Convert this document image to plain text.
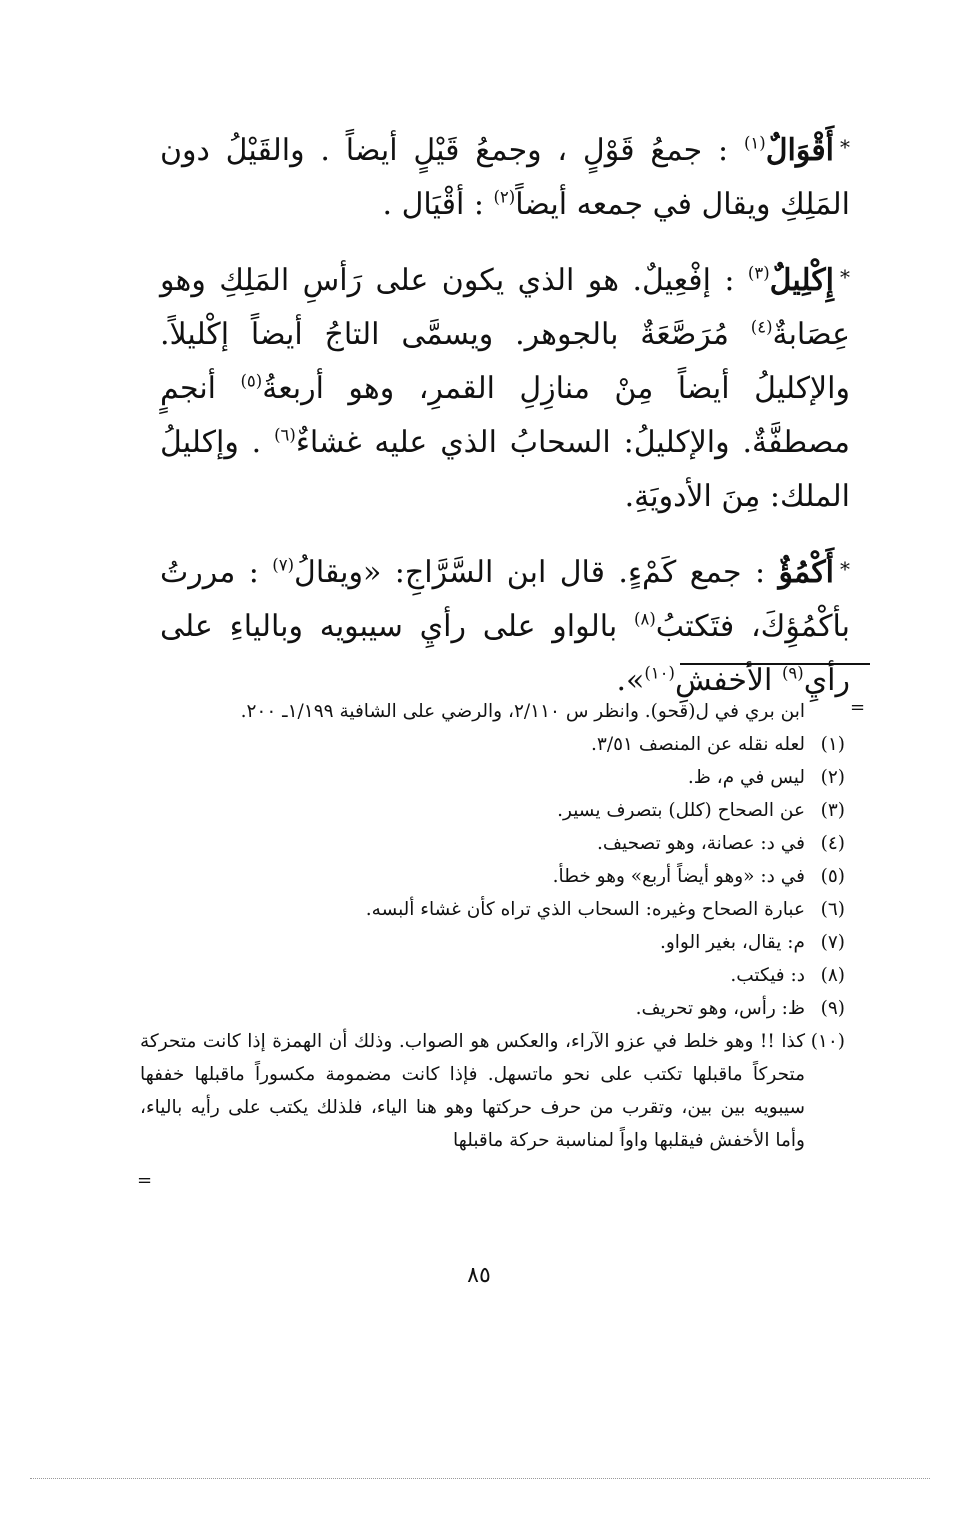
*أَقْوَالٌ$^{(١)}$ : جمعُ قَوْلٍ ، وجمعُ قَيْلٍ أيضاً . والقَيْلُ دون المَلِكِ ويقال في جمعه أيضاً$^{(٢)}$ : أقْيَال .

*إِكْلِيلٌ$^{(٣)}$ : إفْعِيلٌ. هو الذي يكون على رَأسِ المَلِكِ وهو عِصَابةٌ$^{(٤)}$ مُرَصَّعَةٌ بالجوهر. ويسمَّى التاجُ أيضاً إكْليلاً. والإكليلُ أيضاً مِنْ منازِلِ القمرِ، وهو أربعةُ$^{(٥)}$ أنجمٍ مصطفَّةٌ. والإكليلُ: السحابُ الذي عليه غشاءٌ$^{(٦)}$ . وإكليلُ الملك: مِنَ الأدويَةِ.

*أَكْمُؤٌ : جمع كَمْءٍ. قال ابن السَّرَّاجِ: «ويقالُ$^{(٧)}$ : مررتُ بأكْمُؤِكَ، فتَكتبُ$^{(٨)}$ بالواو على رأيِ سيبويه وبالياءِ على رأيِ$^{(٩)}$ الأخفشِ$^{(١٠)}$».

=
ابن بري في ل(قحو). وانظر س ٢/١١٠، والرضي على الشافية ١/١٩٩ـ ٢٠٠.
(١)
لعله نقله عن المنصف ٣/٥١.
(٢)
ليس في م، ظ.
(٣)
عن الصحاح (كلل) بتصرف يسير.
(٤)
في د: عصانة، وهو تصحيف.
(٥)
في د: «وهو أيضاً أربع» وهو خطأ.
(٦)
عبارة الصحاح وغيره: السحاب الذي تراه كأن غشاء ألبسه.
(٧)
م: يقال، بغير الواو.
(٨)
د: فيكتب.
(٩)
ظ: رأس، وهو تحريف.
(١٠)
كذا !! وهو خلط في عزو الآراء، والعكس هو الصواب. وذلك أن الهمزة إذا كانت متحركة متحركاً ماقبلها تكتب على نحو ماتسهل. فإذا كانت مضمومة مكسوراً ماقبلها خففها سيبويه بين بين، وتقرب من حرف حركتها وهو هنا الياء، فلذلك يكتب على رأيه بالياء، وأما الأخفش فيقلبها واواً لمناسبة حركة ماقبلها
=
٨٥
